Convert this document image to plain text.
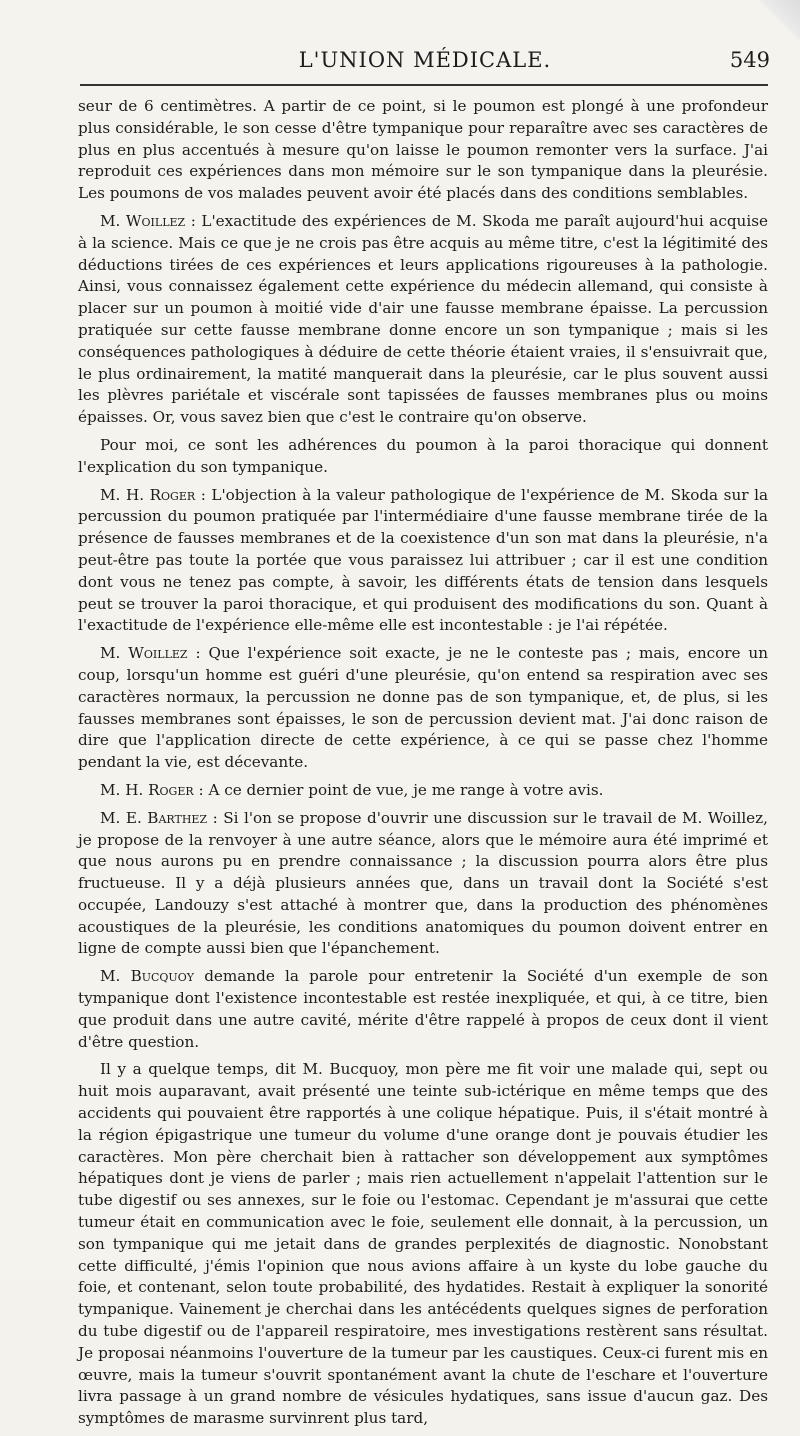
L'UNION MÉDICALE.	549

seur de 6 centimètres. A partir de ce point, si le poumon est plongé à une profondeur plus considérable, le son cesse d'être tympanique pour reparaître avec ses caractères de plus en plus accentués à mesure qu'on laisse le poumon remonter vers la surface. J'ai reproduit ces expériences dans mon mémoire sur le son tympanique dans la pleurésie. Les poumons de vos malades peuvent avoir été placés dans des conditions semblables.

M. Woillez : L'exactitude des expériences de M. Skoda me paraît aujourd'hui acquise à la science. Mais ce que je ne crois pas être acquis au même titre, c'est la légitimité des déductions tirées de ces expériences et leurs applications rigoureuses à la pathologie. Ainsi, vous connaissez également cette expérience du médecin allemand, qui consiste à placer sur un poumon à moitié vide d'air une fausse membrane épaisse. La percussion pratiquée sur cette fausse membrane donne encore un son tympanique ; mais si les conséquences pathologiques à déduire de cette théorie étaient vraies, il s'ensuivrait que, le plus ordinairement, la matité manquerait dans la pleurésie, car le plus souvent aussi les plèvres pariétale et viscérale sont tapissées de fausses membranes plus ou moins épaisses. Or, vous savez bien que c'est le contraire qu'on observe.

Pour moi, ce sont les adhérences du poumon à la paroi thoracique qui donnent l'explication du son tympanique.

M. H. Roger : L'objection à la valeur pathologique de l'expérience de M. Skoda sur la percussion du poumon pratiquée par l'intermédiaire d'une fausse membrane tirée de la présence de fausses membranes et de la coexistence d'un son mat dans la pleurésie, n'a peut-être pas toute la portée que vous paraissez lui attribuer ; car il est une condition dont vous ne tenez pas compte, à savoir, les différents états de tension dans lesquels peut se trouver la paroi thoracique, et qui produisent des modifications du son. Quant à l'exactitude de l'expérience elle-même elle est incontestable : je l'ai répétée.

M. Woillez : Que l'expérience soit exacte, je ne le conteste pas ; mais, encore un coup, lorsqu'un homme est guéri d'une pleurésie, qu'on entend sa respiration avec ses caractères normaux, la percussion ne donne pas de son tympanique, et, de plus, si les fausses membranes sont épaisses, le son de percussion devient mat. J'ai donc raison de dire que l'application directe de cette expérience, à ce qui se passe chez l'homme pendant la vie, est décevante.

M. H. Roger : A ce dernier point de vue, je me range à votre avis.

M. E. Barthez : Si l'on se propose d'ouvrir une discussion sur le travail de M. Woillez, je propose de la renvoyer à une autre séance, alors que le mémoire aura été imprimé et que nous aurons pu en prendre connaissance ; la discussion pourra alors être plus fructueuse. Il y a déjà plusieurs années que, dans un travail dont la Société s'est occupée, Landouzy s'est attaché à montrer que, dans la production des phénomènes acoustiques de la pleurésie, les conditions anatomiques du poumon doivent entrer en ligne de compte aussi bien que l'épanchement.

M. Bucquoy demande la parole pour entretenir la Société d'un exemple de son tympanique dont l'existence incontestable est restée inexpliquée, et qui, à ce titre, bien que produit dans une autre cavité, mérite d'être rappelé à propos de ceux dont il vient d'être question.

Il y a quelque temps, dit M. Bucquoy, mon père me fit voir une malade qui, sept ou huit mois auparavant, avait présenté une teinte sub-ictérique en même temps que des accidents qui pouvaient être rapportés à une colique hépatique. Puis, il s'était montré à la région épigastrique une tumeur du volume d'une orange dont je pouvais étudier les caractères. Mon père cherchait bien à rattacher son développement aux symptômes hépatiques dont je viens de parler ; mais rien actuellement n'appelait l'attention sur le tube digestif ou ses annexes, sur le foie ou l'estomac. Cependant je m'assurai que cette tumeur était en communication avec le foie, seulement elle donnait, à la percussion, un son tympanique qui me jetait dans de grandes perplexités de diagnostic. Nonobstant cette difficulté, j'émis l'opinion que nous avions affaire à un kyste du lobe gauche du foie, et contenant, selon toute probabilité, des hydatides. Restait à expliquer la sonorité tympanique. Vainement je cherchai dans les antécédents quelques signes de perforation du tube digestif ou de l'appareil respiratoire, mes investigations restèrent sans résultat. Je proposai néanmoins l'ouverture de la tumeur par les caustiques. Ceux-ci furent mis en œuvre, mais la tumeur s'ouvrit spontanément avant la chute de l'eschare et l'ouverture livra passage à un grand nombre de vésicules hydatiques, sans issue d'aucun gaz. Des symptômes de marasme survinrent plus tard,
